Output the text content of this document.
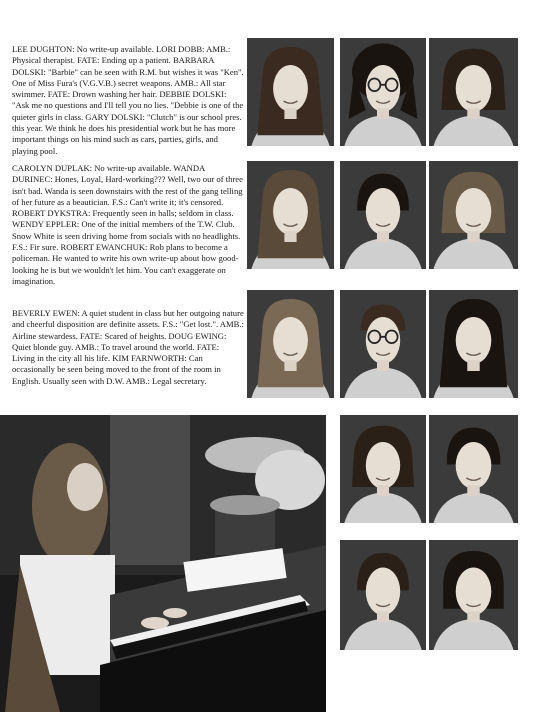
LEE DUGHTON: No write-up available. LORI DOBB: AMB.: Physical therapist. FATE: Ending up a patient. BARBARA DOLSKI: "Barbie" can be seen with R.M. but wishes it was "Ken". One of Miss Fura's (V.G.V.B.) secret weapons. AMB.: All star swimmer. FATE: Drown washing her hair. DEBBIE DOLSKI: "Ask me no questions and I'll tell you no lies. "Debbie is one of the quieter girls in class. GARY DOLSKI: "Clutch" is our school pres. this year. We think he does his presidential work but he has more important things on his mind such as cars, parties, girls, and playing pool.

CAROLYN DUPLAK: No write-up available. WANDA DURINEC: Hones, Loyal, Hard-working??? Well, two our of three isn't bad. Wanda is seen downstairs with the rest of the gang telling of her future as a beautician. F.S.: Can't write it; it's censored. ROBERT DYKSTRA: Frequently seen in halls; seldom in class. WENDY EPPLER: One of the initial members of the T.W. Club. Snow White is seen driving home from socials with no headlights. F.S.: Fir sure. ROBERT EWANCHUK: Rob plans to become a policeman. He wanted to write his own write-up about how good-looking he is but we wouldn't let him. You can't exaggerate on imagination.

BEVERLY EWEN: A quiet student in class but her outgoing nature and cheerful disposition are definite assets. F.S.: "Get lost.". AMB.: Airline stewardess. FATE: Scared of heights. DOUG EWING: Quiet blonde guy. AMB.: To travel around the world. FATE: Living in the city all his life. KIM FARNWORTH: Can occasionally be seen being moved to the front of the room in English. Usually seen with D.W. AMB.: Legal secretary.
